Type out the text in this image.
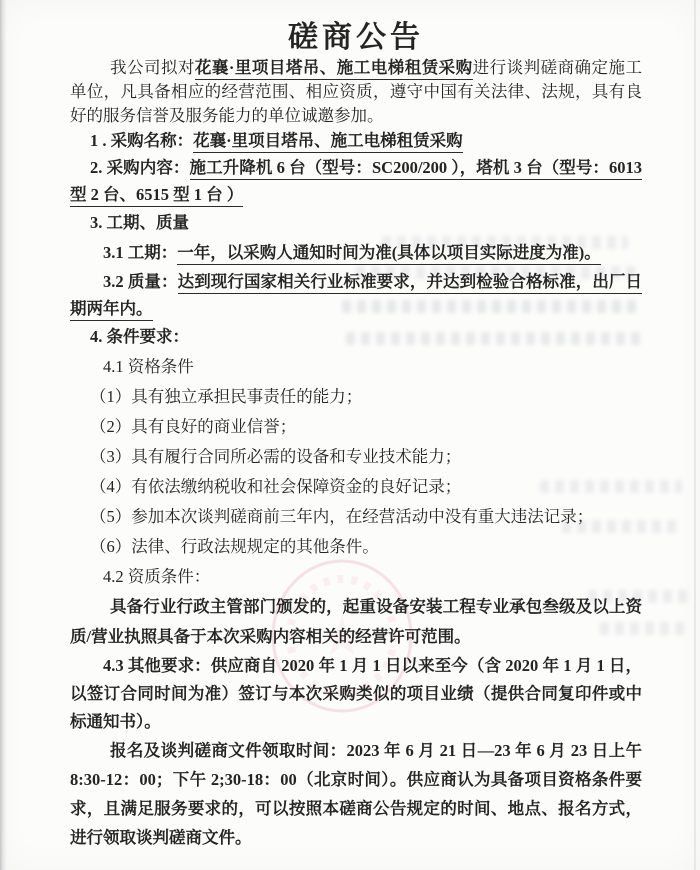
磋商公告

我公司拟对花襄·里项目塔吊、施工电梯租赁采购进行谈判磋商确定施工单位，凡具备相应的经营范围、相应资质，遵守中国有关法律、法规，具有良好的服务信誉及服务能力的单位诚邀参加。

1 . 采购名称：花襄·里项目塔吊、施工电梯租赁采购

2. 采购内容：施工升降机 6 台（型号：SC200/200 ），塔机 3 台（型号：6013 型 2 台、6515 型 1 台 ）

3. 工期、质量

3.1 工期：一年，以采购人通知时间为准(具体以项目实际进度为准)。

3.2 质量：达到现行国家相关行业标准要求，并达到检验合格标准，出厂日期两年内。

4. 条件要求：

4.1 资格条件

（1）具有独立承担民事责任的能力；

（2）具有良好的商业信誉；

（3）具有履行合同所必需的设备和专业技术能力；

（4）有依法缴纳税收和社会保障资金的良好记录；

（5）参加本次谈判磋商前三年内，在经营活动中没有重大违法记录；

（6）法律、行政法规规定的其他条件。

4.2 资质条件：

具备行业行政主管部门颁发的，起重设备安装工程专业承包叁级及以上资质/营业执照具备于本次采购内容相关的经营许可范围。

4.3 其他要求：供应商自 2020 年 1 月 1 日以来至今（含 2020 年 1 月 1 日，以签订合同时间为准）签订与本次采购类似的项目业绩（提供合同复印件或中标通知书）。

报名及谈判磋商文件领取时间：2023 年 6 月 21 日—23 年 6 月 23 日上午 8:30-12：00；下午 2;30-18：00（北京时间）。供应商认为具备项目资格条件要求，且满足服务要求的，可以按照本磋商公告规定的时间、地点、报名方式，进行领取谈判磋商文件。
